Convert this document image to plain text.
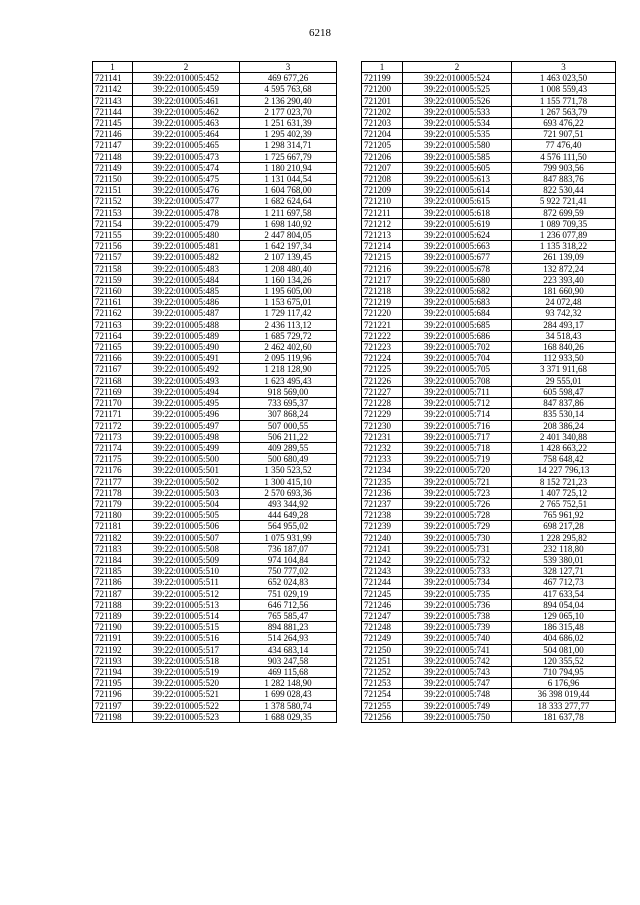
6218
1	2	3
721141	39:22:010005:452	469 677,26
721142	39:22:010005:459	4 595 763,68
721143	39:22:010005:461	2 136 290,40
721144	39:22:010005:462	2 177 023,70
721145	39:22:010005:463	1 251 631,39
721146	39:22:010005:464	1 295 402,39
721147	39:22:010005:465	1 298 314,71
721148	39:22:010005:473	1 725 667,79
721149	39:22:010005:474	1 180 210,94
721150	39:22:010005:475	1 131 044,54
721151	39:22:010005:476	1 604 768,00
721152	39:22:010005:477	1 682 624,64
721153	39:22:010005:478	1 211 697,58
721154	39:22:010005:479	1 698 140,92
721155	39:22:010005:480	2 447 804,05
721156	39:22:010005:481	1 642 197,34
721157	39:22:010005:482	2 107 139,45
721158	39:22:010005:483	1 208 480,40
721159	39:22:010005:484	1 160 134,26
721160	39:22:010005:485	1 195 605,00
721161	39:22:010005:486	1 153 675,01
721162	39:22:010005:487	1 729 117,42
721163	39:22:010005:488	2 436 113,12
721164	39:22:010005:489	1 685 729,72
721165	39:22:010005:490	2 462 402,60
721166	39:22:010005:491	2 095 119,96
721167	39:22:010005:492	1 218 128,90
721168	39:22:010005:493	1 623 495,43
721169	39:22:010005:494	918 569,00
721170	39:22:010005:495	733 695,37
721171	39:22:010005:496	307 868,24
721172	39:22:010005:497	507 000,55
721173	39:22:010005:498	506 211,22
721174	39:22:010005:499	409 289,55
721175	39:22:010005:500	500 680,49
721176	39:22:010005:501	1 350 523,52
721177	39:22:010005:502	1 300 415,10
721178	39:22:010005:503	2 570 693,36
721179	39:22:010005:504	493 344,92
721180	39:22:010005:505	444 649,28
721181	39:22:010005:506	564 955,02
721182	39:22:010005:507	1 075 931,99
721183	39:22:010005:508	736 187,07
721184	39:22:010005:509	974 104,84
721185	39:22:010005:510	750 777,02
721186	39:22:010005:511	652 024,83
721187	39:22:010005:512	751 029,19
721188	39:22:010005:513	646 712,56
721189	39:22:010005:514	765 585,47
721190	39:22:010005:515	894 881,23
721191	39:22:010005:516	514 264,93
721192	39:22:010005:517	434 683,14
721193	39:22:010005:518	903 247,58
721194	39:22:010005:519	469 115,68
721195	39:22:010005:520	1 282 148,90
721196	39:22:010005:521	1 699 028,43
721197	39:22:010005:522	1 378 580,74
721198	39:22:010005:523	1 688 029,35
1	2	3
721199	39:22:010005:524	1 463 023,50
721200	39:22:010005:525	1 008 559,43
721201	39:22:010005:526	1 155 771,78
721202	39:22:010005:533	1 267 563,79
721203	39:22:010005:534	693 476,22
721204	39:22:010005:535	721 907,51
721205	39:22:010005:580	77 476,40
721206	39:22:010005:585	4 576 111,50
721207	39:22:010005:605	799 903,56
721208	39:22:010005:613	847 883,76
721209	39:22:010005:614	822 530,44
721210	39:22:010005:615	5 922 721,41
721211	39:22:010005:618	872 699,59
721212	39:22:010005:619	1 089 709,35
721213	39:22:010005:624	1 236 077,89
721214	39:22:010005:663	1 135 318,22
721215	39:22:010005:677	261 139,09
721216	39:22:010005:678	132 872,24
721217	39:22:010005:680	223 393,40
721218	39:22:010005:682	181 660,90
721219	39:22:010005:683	24 072,48
721220	39:22:010005:684	93 742,32
721221	39:22:010005:685	284 493,17
721222	39:22:010005:686	34 518,43
721223	39:22:010005:702	168 840,26
721224	39:22:010005:704	112 933,50
721225	39:22:010005:705	3 371 911,68
721226	39:22:010005:708	29 555,01
721227	39:22:010005:711	605 598,47
721228	39:22:010005:712	847 837,86
721229	39:22:010005:714	835 530,14
721230	39:22:010005:716	208 386,24
721231	39:22:010005:717	2 401 340,88
721232	39:22:010005:718	1 428 663,22
721233	39:22:010005:719	758 648,42
721234	39:22:010005:720	14 227 796,13
721235	39:22:010005:721	8 152 721,23
721236	39:22:010005:723	1 407 725,12
721237	39:22:010005:726	2 765 752,51
721238	39:22:010005:728	765 961,92
721239	39:22:010005:729	698 217,28
721240	39:22:010005:730	1 228 295,82
721241	39:22:010005:731	232 118,80
721242	39:22:010005:732	539 380,01
721243	39:22:010005:733	328 127,71
721244	39:22:010005:734	467 712,73
721245	39:22:010005:735	417 633,54
721246	39:22:010005:736	894 054,04
721247	39:22:010005:738	129 065,10
721248	39:22:010005:739	186 315,48
721249	39:22:010005:740	404 686,02
721250	39:22:010005:741	504 081,00
721251	39:22:010005:742	120 355,52
721252	39:22:010005:743	710 794,95
721253	39:22:010005:747	6 176,96
721254	39:22:010005:748	36 398 019,44
721255	39:22:010005:749	18 333 277,77
721256	39:22:010005:750	181 637,78
